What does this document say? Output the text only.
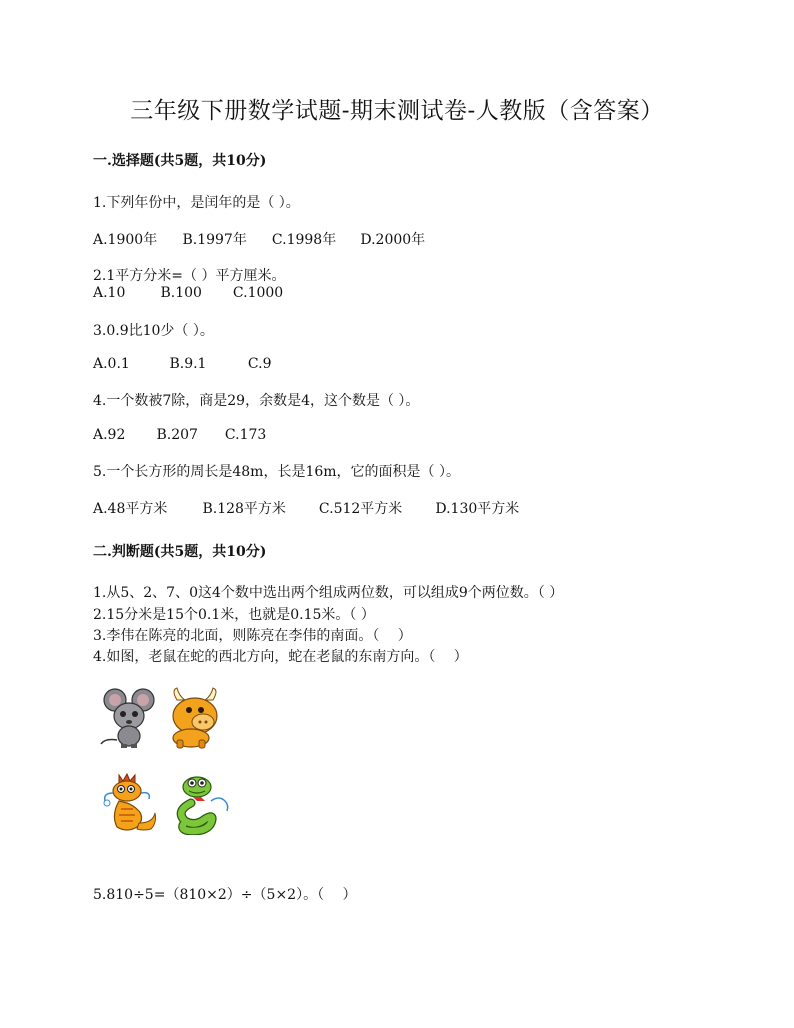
三年级下册数学试题-期末测试卷-人教版（含答案）
一.选择题(共5题，共10分)
1.下列年份中，是闰年的是（ ）。
A.1900年 B.1997年 C.1998年 D.2000年
2.1平方分米=（ ）平方厘米。
A.10	B.100 C.1000
3.0.9比10少（ ）。
A.0.1	B.9.1	C.9
4.一个数被7除，商是29，余数是4，这个数是（ ）。
A.92 B.207 C.173
5.一个长方形的周长是48m，长是16m，它的面积是（ ）。
A.48平方米	B.128平方米 C.512平方米 D.130平方米
二.判断题(共5题，共10分)
1.从5、2、7、0这4个数中选出两个组成两位数，可以组成9个两位数。（ ）
2.15分米是15个0.1米，也就是0.15米。（ ）
3.李伟在陈亮的北面，则陈亮在李伟的南面。（　 ）
4.如图，老鼠在蛇的西北方向，蛇在老鼠的东南方向。（　 ）
5.810÷5=（810×2）÷（5×2）。（　 ）
